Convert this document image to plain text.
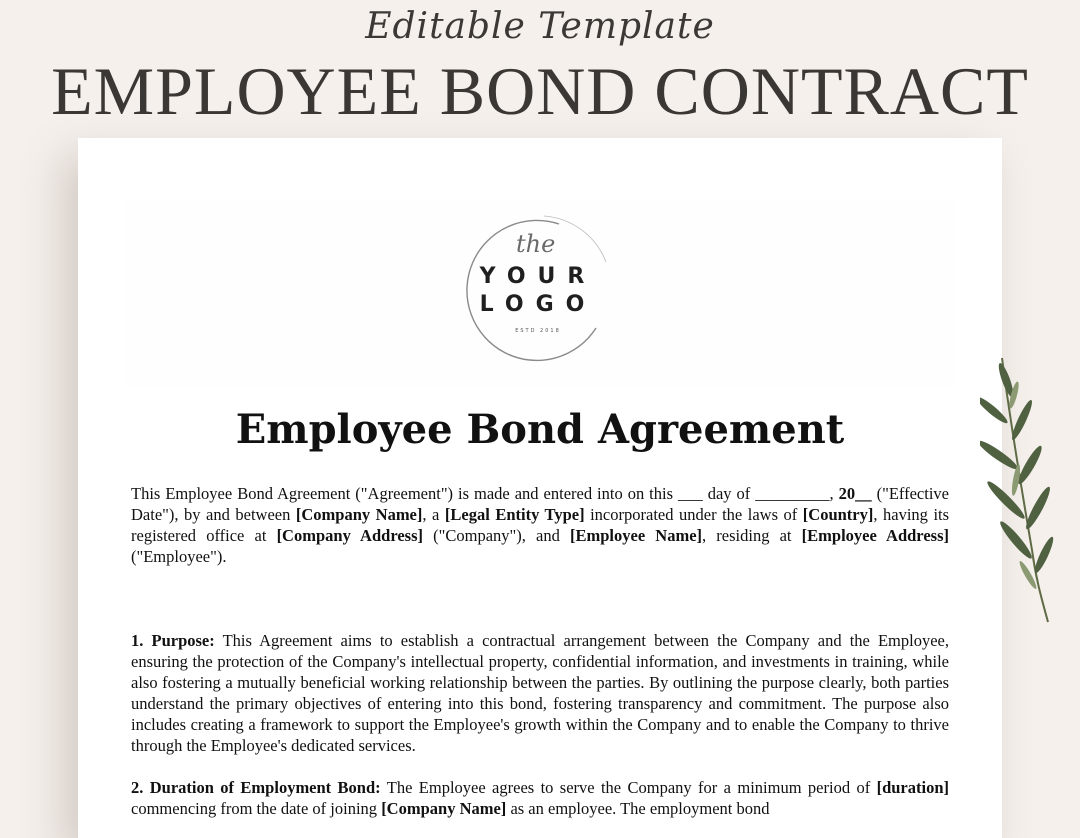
Editable Template
EMPLOYEE BOND CONTRACT
the
YOUR
LOGO
ESTD 2018
Employee Bond Agreement

This Employee Bond Agreement ("Agreement") is made and entered into on this ___ day of _________, 20__ ("Effective Date"), by and between [Company Name], a [Legal Entity Type] incorporated under the laws of [Country], having its registered office at [Company Address] ("Company"), and [Employee Name], residing at [Employee Address] ("Employee").

1. Purpose: This Agreement aims to establish a contractual arrangement between the Company and the Employee, ensuring the protection of the Company's intellectual property, confidential information, and investments in training, while also fostering a mutually beneficial working relationship between the parties. By outlining the purpose clearly, both parties understand the primary objectives of entering into this bond, fostering transparency and commitment. The purpose also includes creating a framework to support the Employee's growth within the Company and to enable the Company to thrive through the Employee's dedicated services.

2. Duration of Employment Bond: The Employee agrees to serve the Company for a minimum period of [duration] commencing from the date of joining [Company Name] as an employee. The employment bond
